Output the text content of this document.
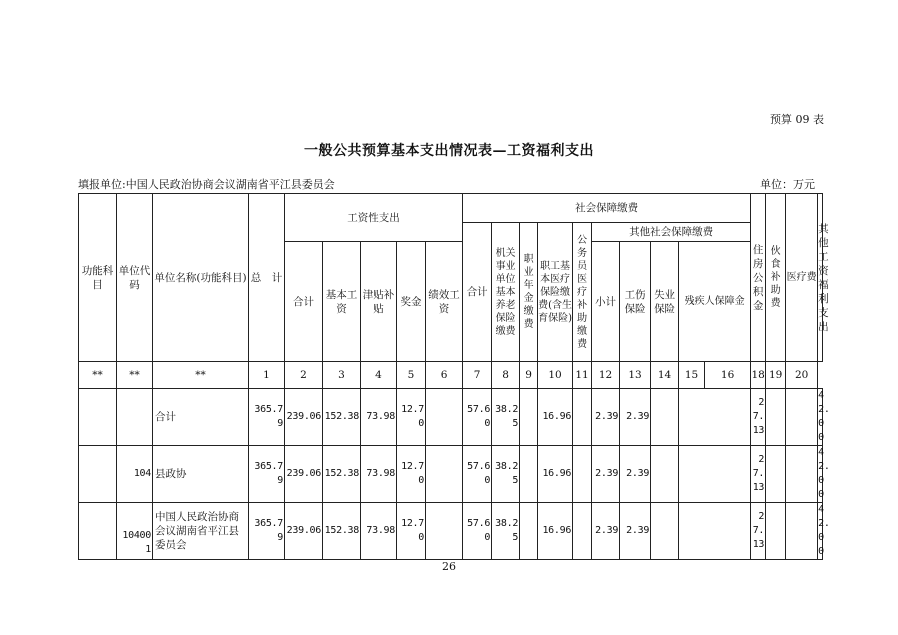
预算 09 表
一般公共预算基本支出情况表—工资福利支出
填报单位:中国人民政治协商会议湖南省平江县委员会	单位：万元
功能科目	单位代码	单位名称(功能科目)	总　计	工资性支出					社会保障缴费										住房公积金	伙食补助费	医疗费	其他工资福利支出
									合计	机关事业单位基本养老保险缴费	职业年金缴费	职工基本医疗保险缴费(含生育保险)	公务员医疗补助缴费	其他社会保障缴费								
				合计	基本工资	津贴补贴	奖金	绩效工资						小计	工伤保险	失业保险	残疾人保障金					

**	**	**	1	2	3	4	5	6	7	8	9	10	11	12	13	14	15	16	18	19	20	
		合计	365.79	239.06	152.38	73.98	12.70		57.60	38.25		16.96		2.39	2.39				27.13			42.00
	104	县政协	365.79	239.06	152.38	73.98	12.70		57.60	38.25		16.96		2.39	2.39				27.13			42.00
	104001	中国人民政治协商会议湖南省平江县委员会	365.79	239.06	152.38	73.98	12.70		57.60	38.25		16.96		2.39	2.39				27.13			42.00
26
